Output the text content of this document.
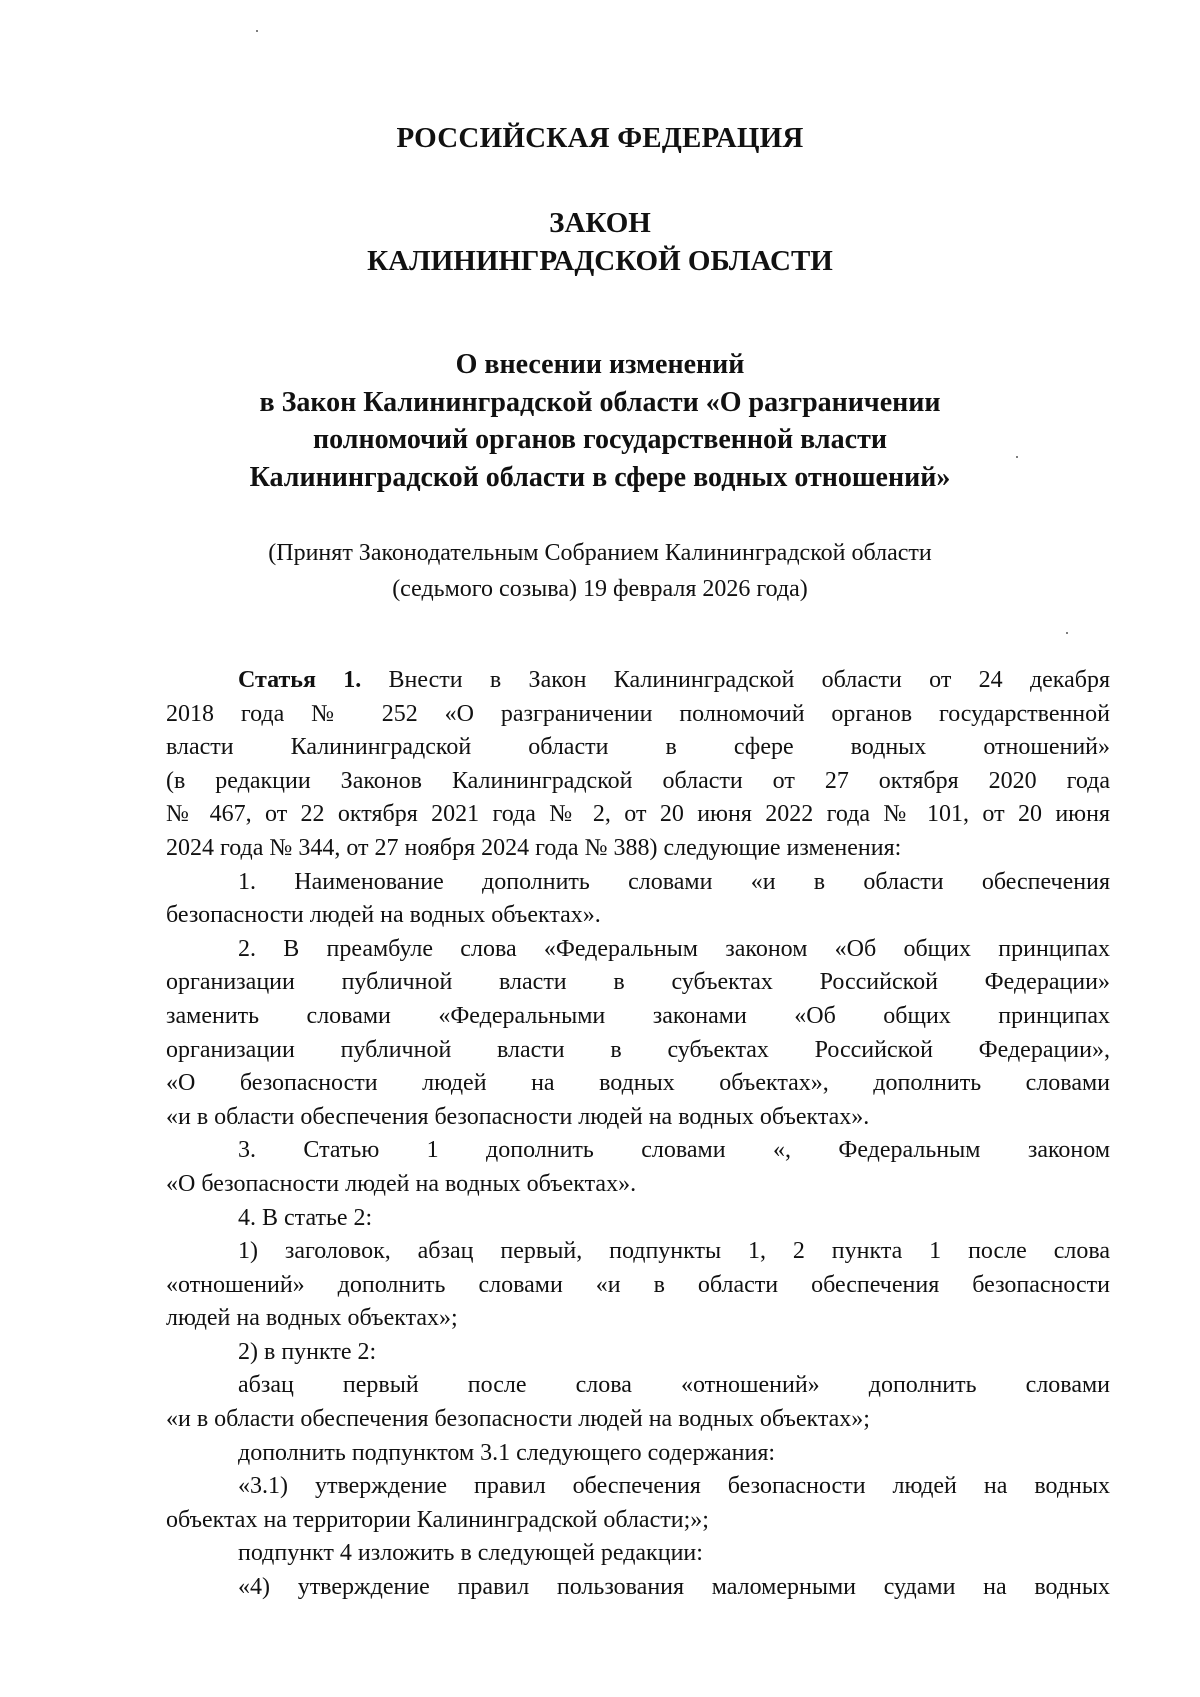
РОССИЙСКАЯ ФЕДЕРАЦИЯ
ЗАКОН
КАЛИНИНГРАДСКОЙ ОБЛАСТИ
О внесении изменений
в Закон Калининградской области «О разграничении
полномочий органов государственной власти
Калининградской области в сфере водных отношений»
(Принят Законодательным Собранием Калининградской области
(седьмого созыва) 19 февраля 2026 года)
Статья 1. Внести в Закон Калининградской области от 24 декабря
2018 года № 252 «О разграничении полномочий органов государственной
власти Калининградской области в сфере водных отношений»
(в редакции Законов Калининградской области от 27 октября 2020 года
№ 467, от 22 октября 2021 года № 2, от 20 июня 2022 года № 101, от 20 июня
2024 года № 344, от 27 ноября 2024 года № 388) следующие изменения:
1. Наименование дополнить словами «и в области обеспечения
безопасности людей на водных объектах».
2. В преамбуле слова «Федеральным законом «Об общих принципах
организации публичной власти в субъектах Российской Федерации»
заменить словами «Федеральными законами «Об общих принципах
организации публичной власти в субъектах Российской Федерации»,
«О безопасности людей на водных объектах», дополнить словами
«и в области обеспечения безопасности людей на водных объектах».
3. Статью 1 дополнить словами «, Федеральным законом
«О безопасности людей на водных объектах».
4. В статье 2:
1) заголовок, абзац первый, подпункты 1, 2 пункта 1 после слова
«отношений» дополнить словами «и в области обеспечения безопасности
людей на водных объектах»;
2) в пункте 2:
абзац первый после слова «отношений» дополнить словами
«и в области обеспечения безопасности людей на водных объектах»;
дополнить подпунктом 3.1 следующего содержания:
«3.1) утверждение правил обеспечения безопасности людей на водных
объектах на территории Калининградской области;»;
подпункт 4 изложить в следующей редакции:
«4) утверждение правил пользования маломерными судами на водных
